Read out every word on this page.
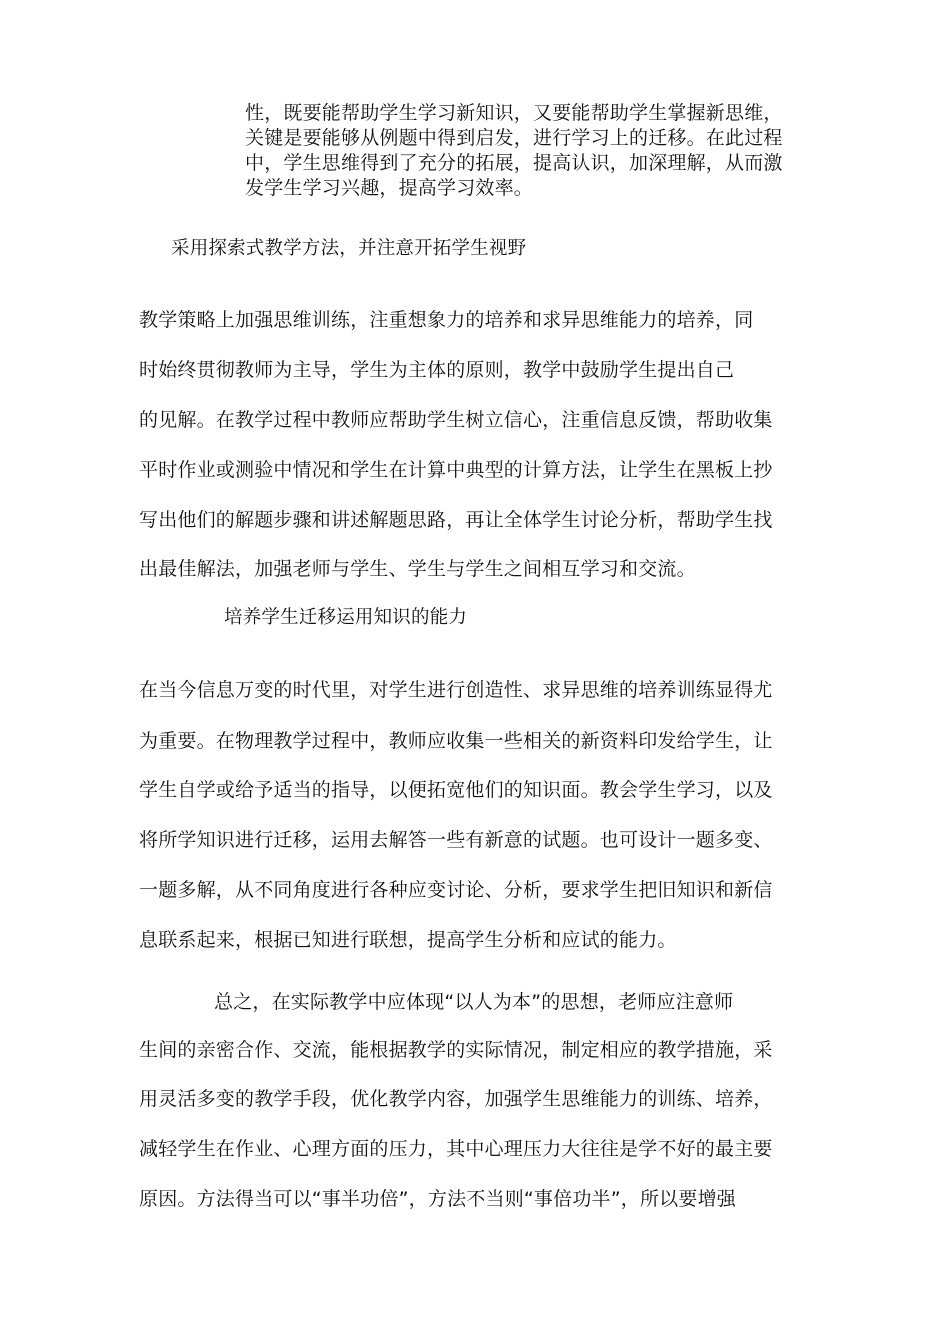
性，既要能帮助学生学习新知识，又要能帮助学生掌握新思维，
关键是要能够从例题中得到启发，进行学习上的迁移。在此过程
中，学生思维得到了充分的拓展，提高认识，加深理解，从而激
发学生学习兴趣，提高学习效率。
采用探索式教学方法，并注意开拓学生视野
教学策略上加强思维训练，注重想象力的培养和求异思维能力的培养，同
时始终贯彻教师为主导，学生为主体的原则，教学中鼓励学生提出自己
的见解。在教学过程中教师应帮助学生树立信心，注重信息反馈，帮助收集
平时作业或测验中情况和学生在计算中典型的计算方法，让学生在黑板上抄
写出他们的解题步骤和讲述解题思路，再让全体学生讨论分析，帮助学生找
出最佳解法，加强老师与学生、学生与学生之间相互学习和交流。
培养学生迁移运用知识的能力
在当今信息万变的时代里，对学生进行创造性、求异思维的培养训练显得尤
为重要。在物理教学过程中，教师应收集一些相关的新资料印发给学生，让
学生自学或给予适当的指导，以便拓宽他们的知识面。教会学生学习，以及
将所学知识进行迁移，运用去解答一些有新意的试题。也可设计一题多变、
一题多解，从不同角度进行各种应变讨论、分析，要求学生把旧知识和新信
息联系起来，根据已知进行联想，提高学生分析和应试的能力。
总之，在实际教学中应体现“以人为本”的思想，老师应注意师
生间的亲密合作、交流，能根据教学的实际情况，制定相应的教学措施，采
用灵活多变的教学手段，优化教学内容，加强学生思维能力的训练、培养，
减轻学生在作业、心理方面的压力，其中心理压力大往往是学不好的最主要
原因。方法得当可以“事半功倍”，方法不当则“事倍功半”，所以要增强
